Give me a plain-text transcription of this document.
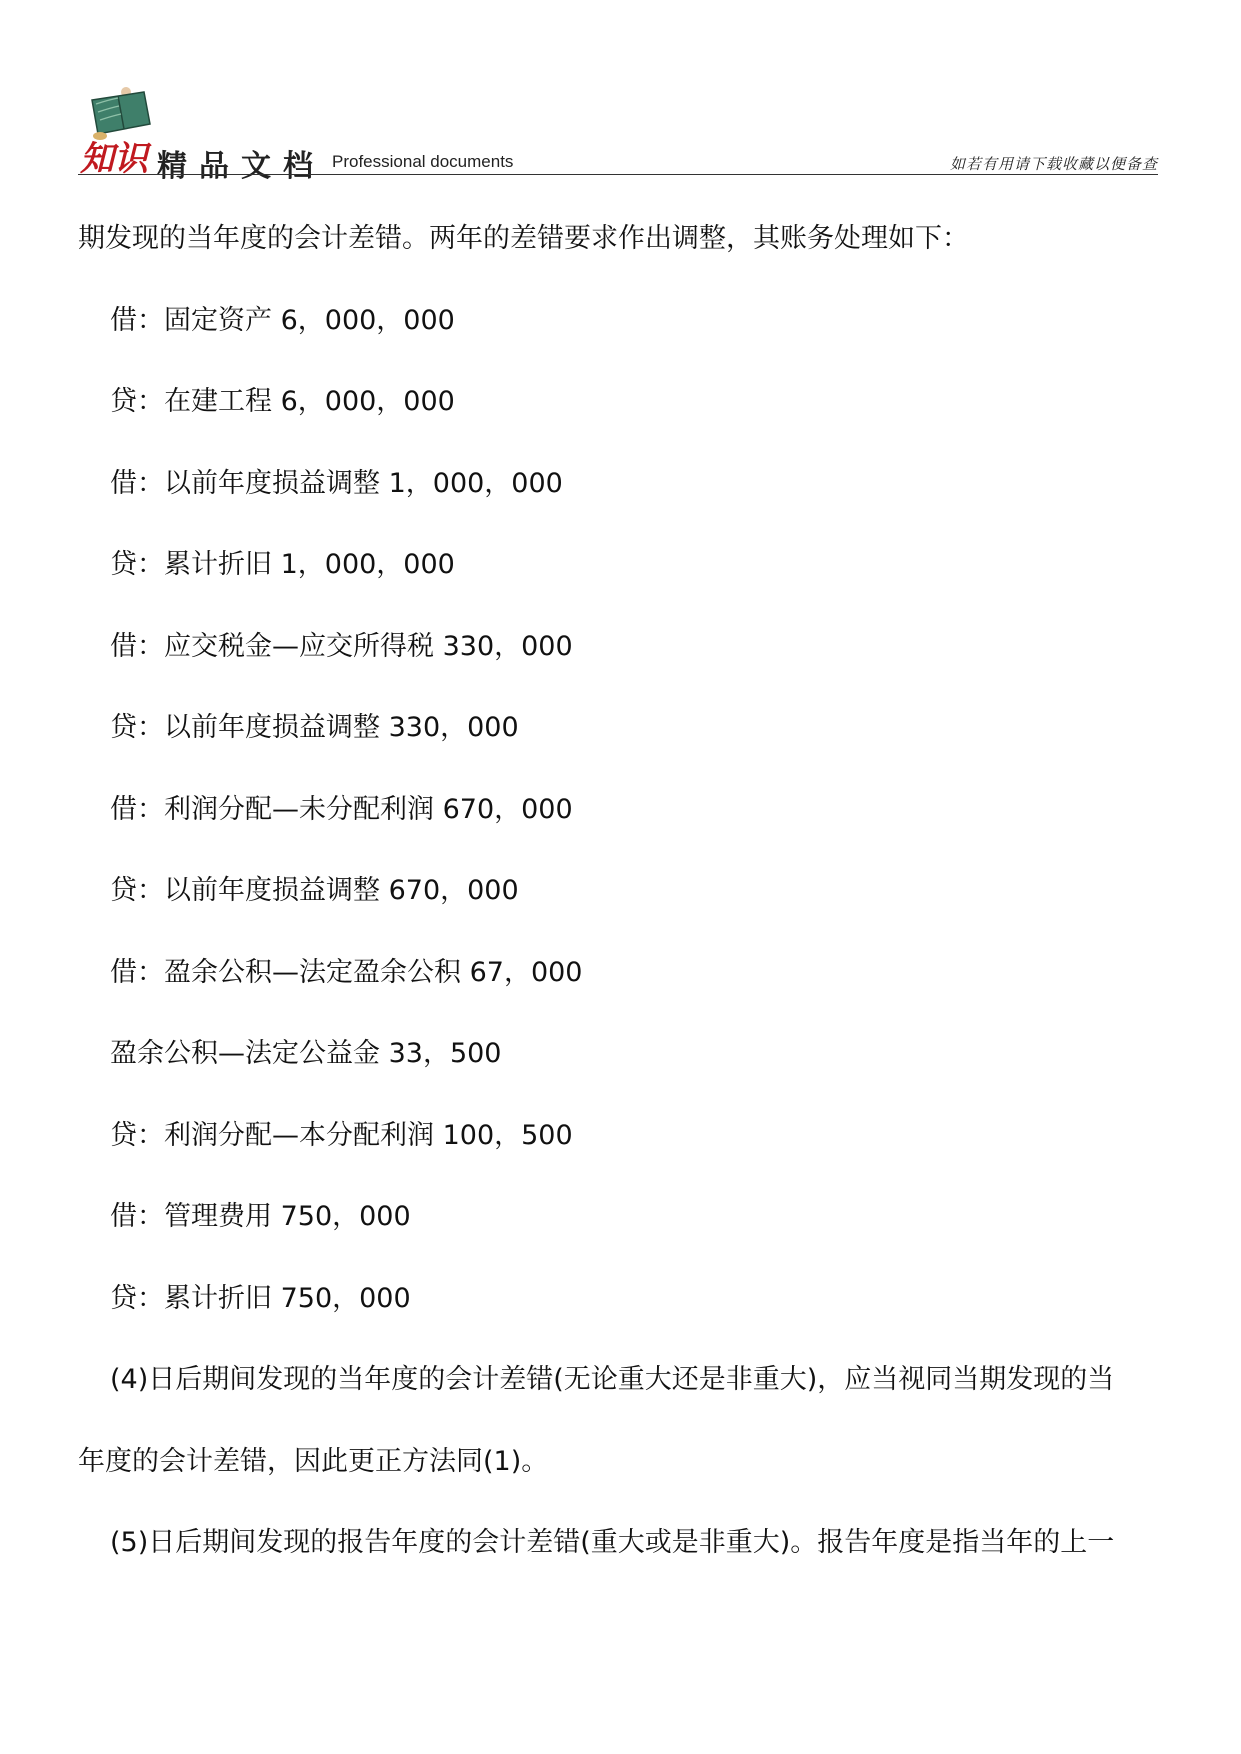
知识 精品文档 Professional documents	如若有用请下载收藏以便备查

期发现的当年度的会计差错。两年的差错要求作出调整，其账务处理如下：

借：固定资产 6，000，000

贷：在建工程 6，000，000

借：以前年度损益调整 1，000，000

贷：累计折旧 1，000，000

借：应交税金—应交所得税 330，000

贷：以前年度损益调整 330，000

借：利润分配—未分配利润 670，000

贷：以前年度损益调整 670，000

借：盈余公积—法定盈余公积 67，000

盈余公积—法定公益金 33，500

贷：利润分配—本分配利润 100，500

借：管理费用 750，000

贷：累计折旧 750，000

(4)日后期间发现的当年度的会计差错(无论重大还是非重大)，应当视同当期发现的当

年度的会计差错，因此更正方法同(1)。

(5)日后期间发现的报告年度的会计差错(重大或是非重大)。报告年度是指当年的上一
